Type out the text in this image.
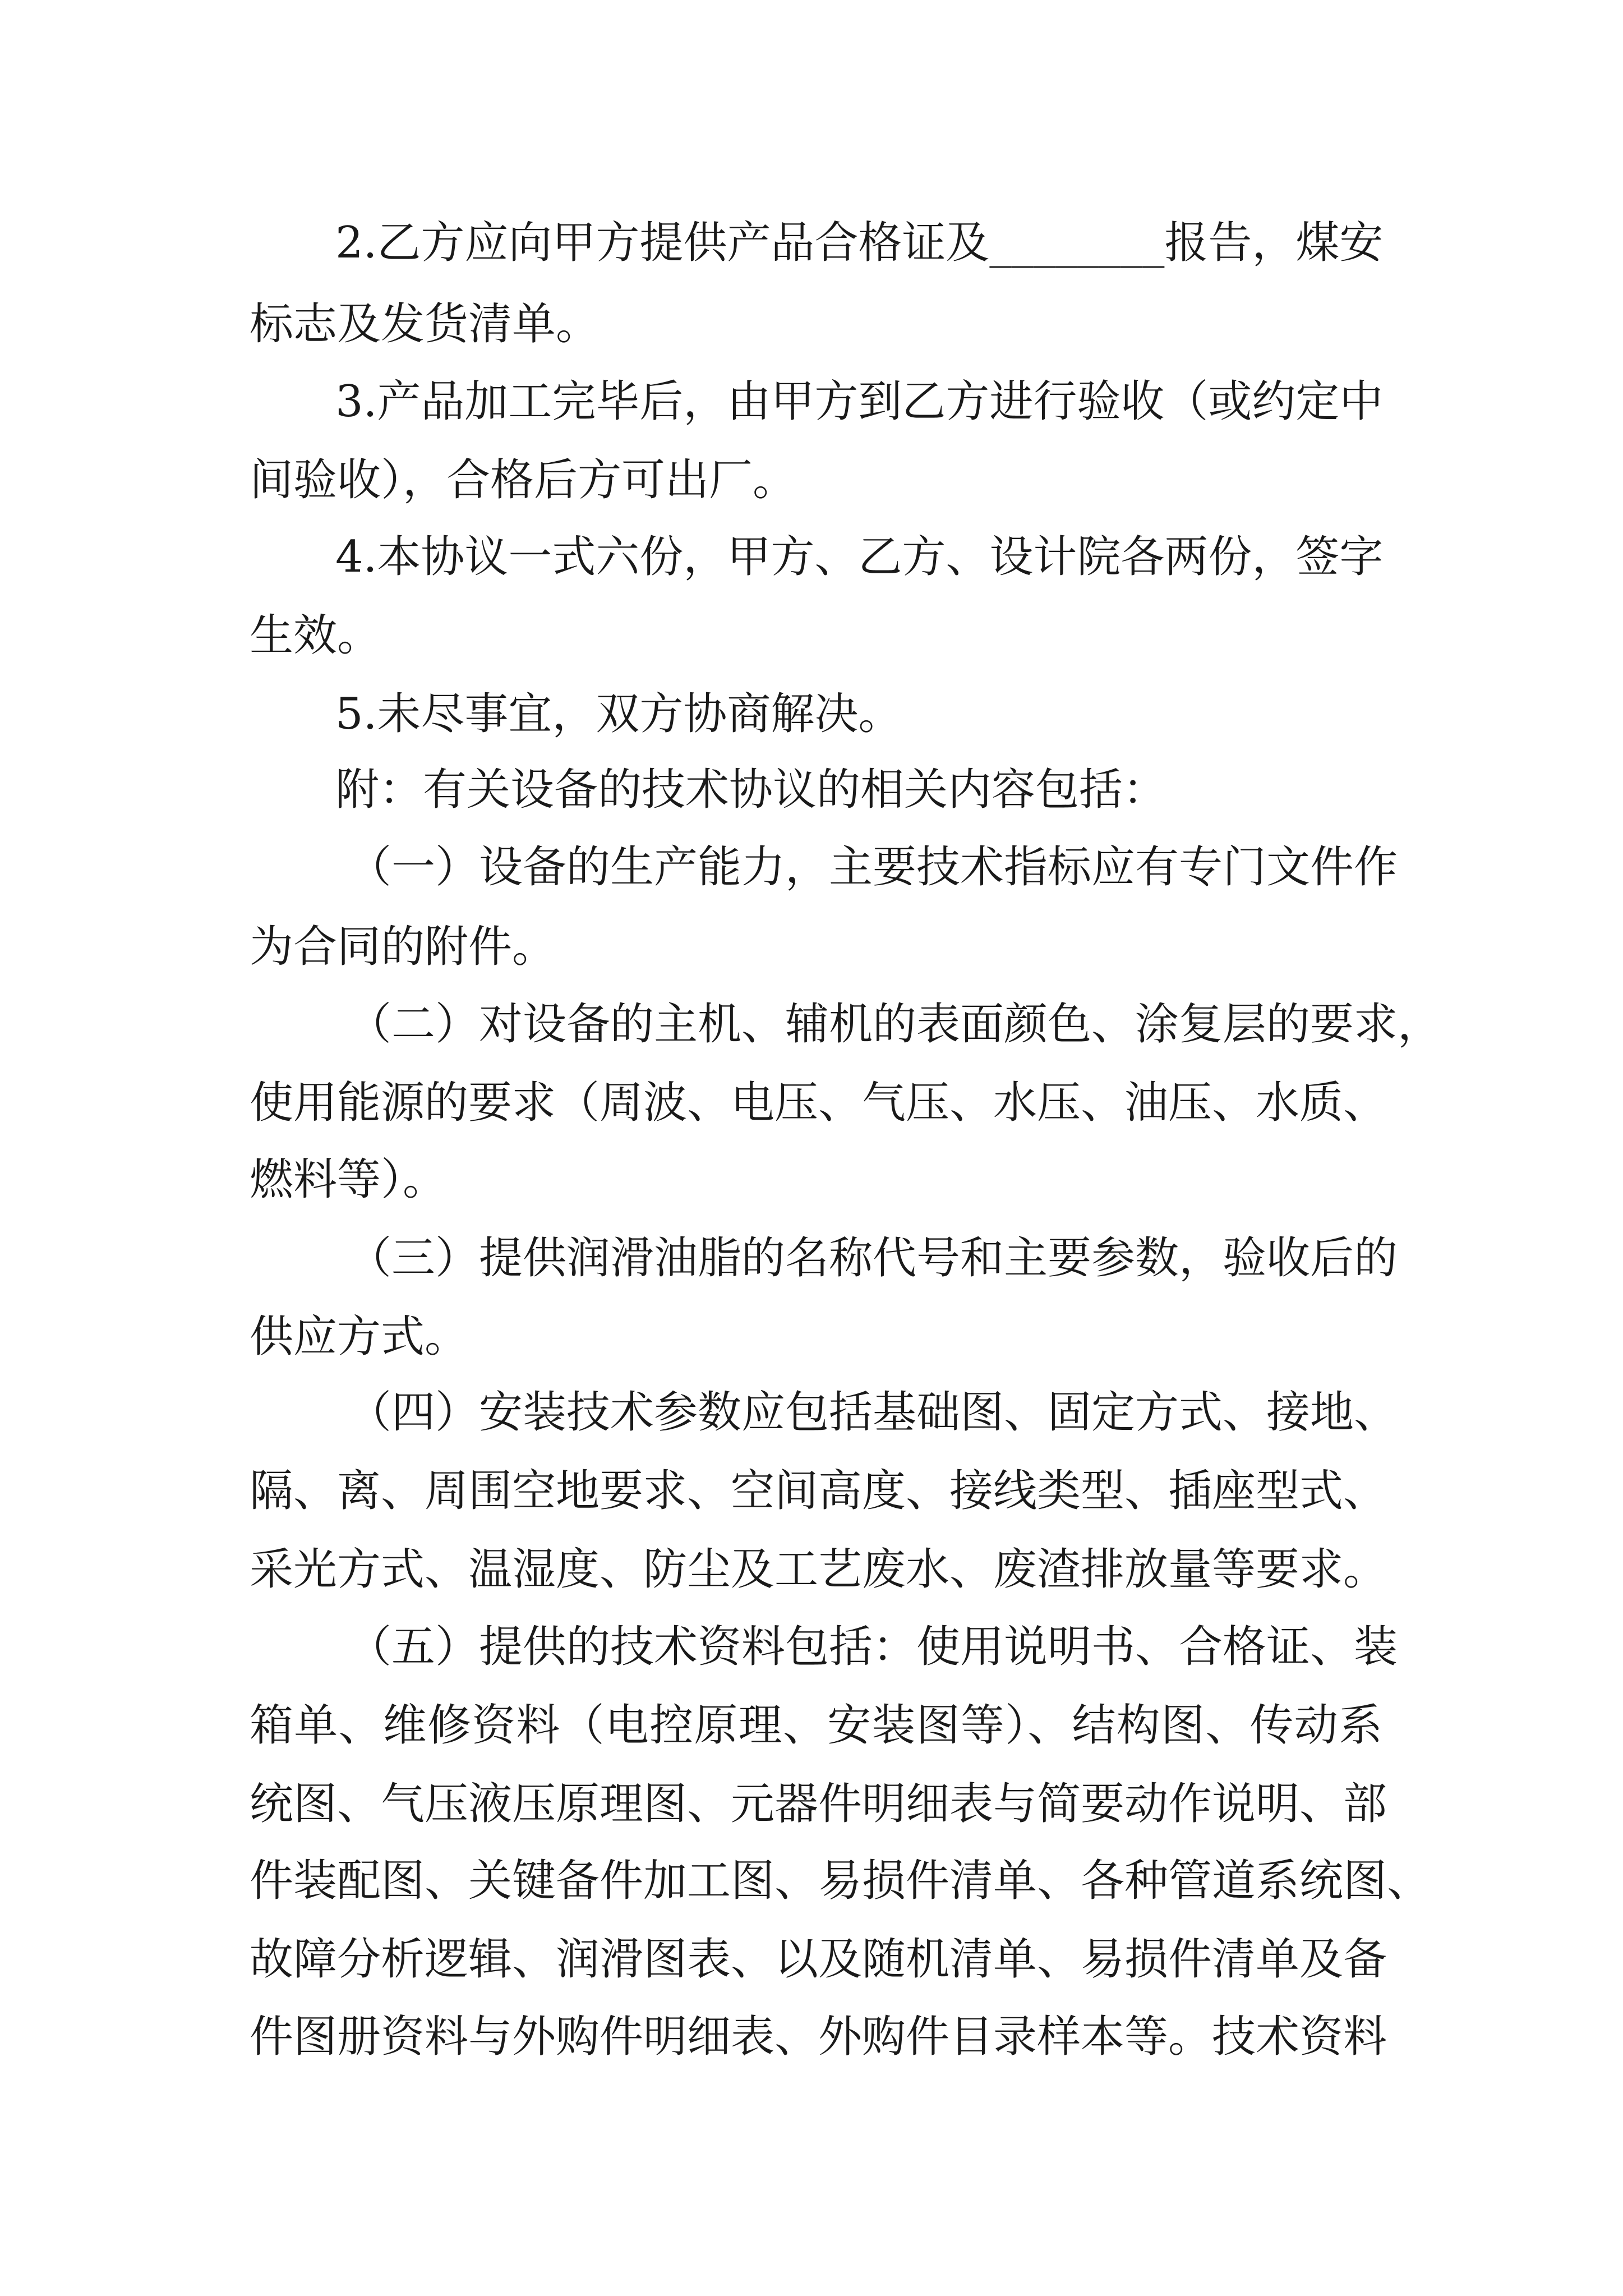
2.乙方应向甲方提供产品合格证及________报告，煤安
标志及发货清单。
3.产品加工完毕后，由甲方到乙方进行验收（或约定中
间验收），合格后方可出厂。
4.本协议一式六份，甲方、乙方、设计院各两份，签字
生效。
5.未尽事宜，双方协商解决。
附：有关设备的技术协议的相关内容包括：
（一）设备的生产能力，主要技术指标应有专门文件作
为合同的附件。
（二）对设备的主机、辅机的表面颜色、涂复层的要求，
使用能源的要求（周波、电压、气压、水压、油压、水质、
燃料等）。
（三）提供润滑油脂的名称代号和主要参数，验收后的
供应方式。
（四）安装技术参数应包括基础图、固定方式、接地、
隔、离、周围空地要求、空间高度、接线类型、插座型式、
采光方式、温湿度、防尘及工艺废水、废渣排放量等要求。
（五）提供的技术资料包括：使用说明书、合格证、装
箱单、维修资料（电控原理、安装图等）、结构图、传动系
统图、气压液压原理图、元器件明细表与简要动作说明、部
件装配图、关键备件加工图、易损件清单、各种管道系统图、
故障分析逻辑、润滑图表、以及随机清单、易损件清单及备
件图册资料与外购件明细表、外购件目录样本等。技术资料
